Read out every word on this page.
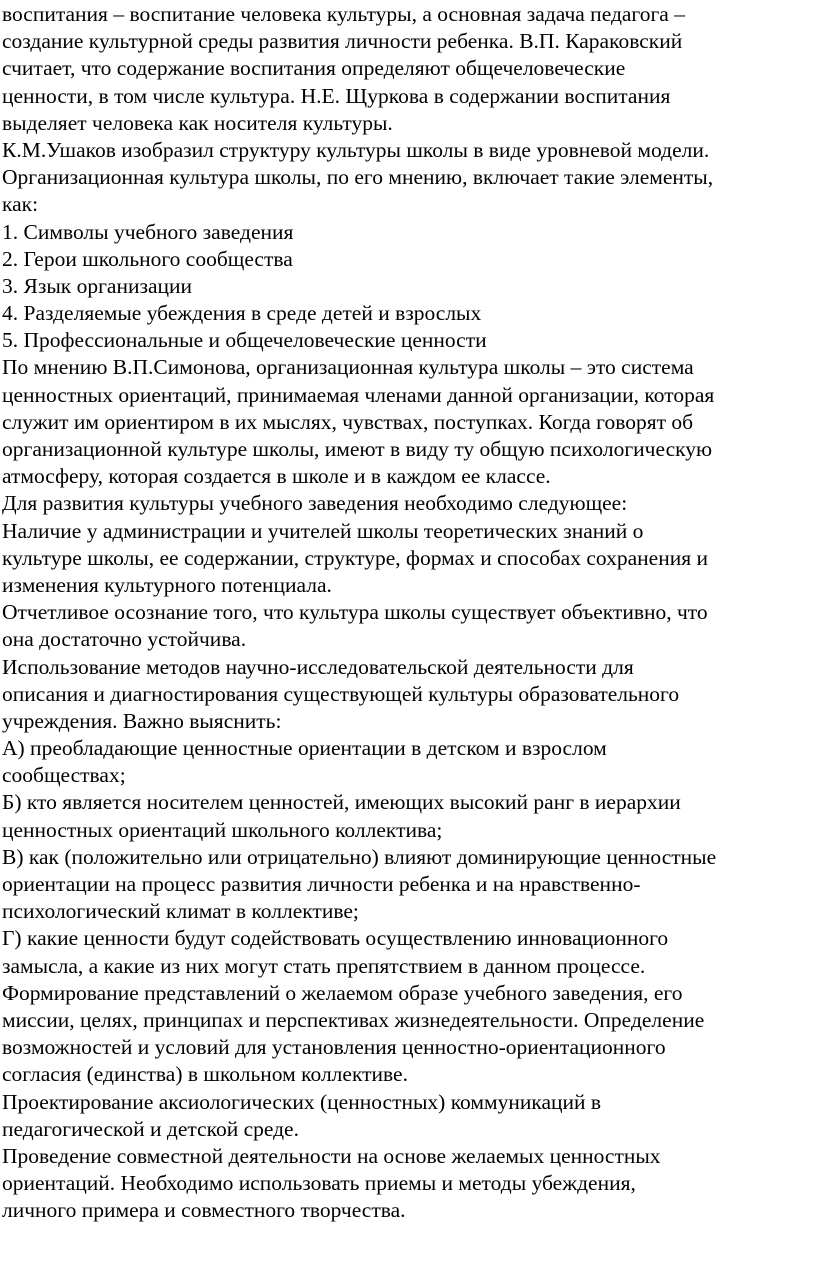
воспитания – воспитание человека культуры, а основная задача педагога –
создание культурной среды развития личности ребенка. В.П. Караковский
считает, что содержание воспитания определяют общечеловеческие
ценности, в том числе культура. Н.Е. Щуркова в содержании воспитания
выделяет человека как носителя культуры.
К.М.Ушаков изобразил структуру культуры школы в виде уровневой модели.
Организационная культура школы, по его мнению, включает такие элементы,
как:
1. Символы учебного заведения
2. Герои школьного сообщества
3. Язык организации
4. Разделяемые убеждения в среде детей и взрослых
5. Профессиональные и общечеловеческие ценности
По мнению В.П.Симонова, организационная культура школы – это система
ценностных ориентаций, принимаемая членами данной организации, которая
служит им ориентиром в их мыслях, чувствах, поступках. Когда говорят об
организационной культуре школы, имеют в виду ту общую психологическую
атмосферу, которая создается в школе и в каждом ее классе.
Для развития культуры учебного заведения необходимо следующее:
Наличие у администрации и учителей школы теоретических знаний о
культуре школы, ее содержании, структуре, формах и способах сохранения и
изменения культурного потенциала.
Отчетливое осознание того, что культура школы существует объективно, что
она достаточно устойчива.
Использование методов научно-исследовательской деятельности для
описания и диагностирования существующей культуры образовательного
учреждения. Важно выяснить:
А) преобладающие ценностные ориентации в детском и взрослом
сообществах;
Б) кто является носителем ценностей, имеющих высокий ранг в иерархии
ценностных ориентаций школьного коллектива;
В) как (положительно или отрицательно) влияют доминирующие ценностные
ориентации на процесс развития личности ребенка и на нравственно-
психологический климат в коллективе;
Г) какие ценности будут содействовать осуществлению инновационного
замысла, а какие из них могут стать препятствием в данном процессе.
Формирование представлений о желаемом образе учебного заведения, его
миссии, целях, принципах и перспективах жизнедеятельности. Определение
возможностей и условий для установления ценностно-ориентационного
согласия (единства) в школьном коллективе.
Проектирование аксиологических (ценностных) коммуникаций в
педагогической и детской среде.
Проведение совместной деятельности на основе желаемых ценностных
ориентаций. Необходимо использовать приемы и методы убеждения,
личного примера и совместного творчества.
